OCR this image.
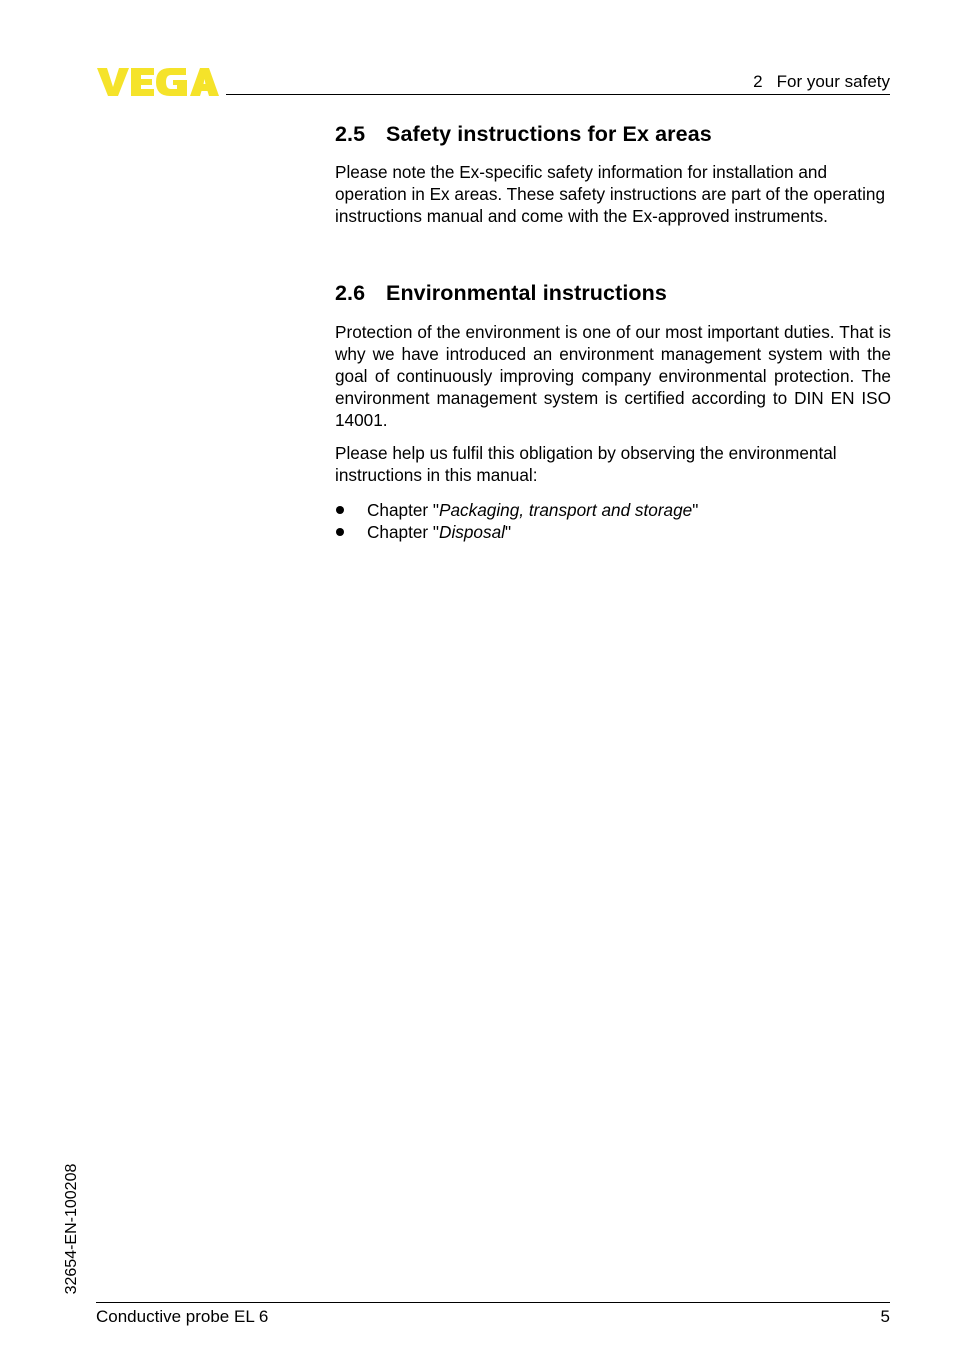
2 For your safety
2.5 Safety instructions for Ex areas

Please note the Ex-specific safety information for installation and operation in Ex areas. These safety instructions are part of the operating instructions manual and come with the Ex-approved instruments.

2.6 Environmental instructions

Protection of the environment is one of our most important duties. That is why we have introduced an environment management system with the goal of continuously improving company environmental protection. The environment management system is certified according to DIN EN ISO 14001.

Please help us fulfil this obligation by observing the environmental instructions in this manual:

Chapter "Packaging, transport and storage"
Chapter "Disposal"
32654-EN-100208
Conductive probe EL 6	5
